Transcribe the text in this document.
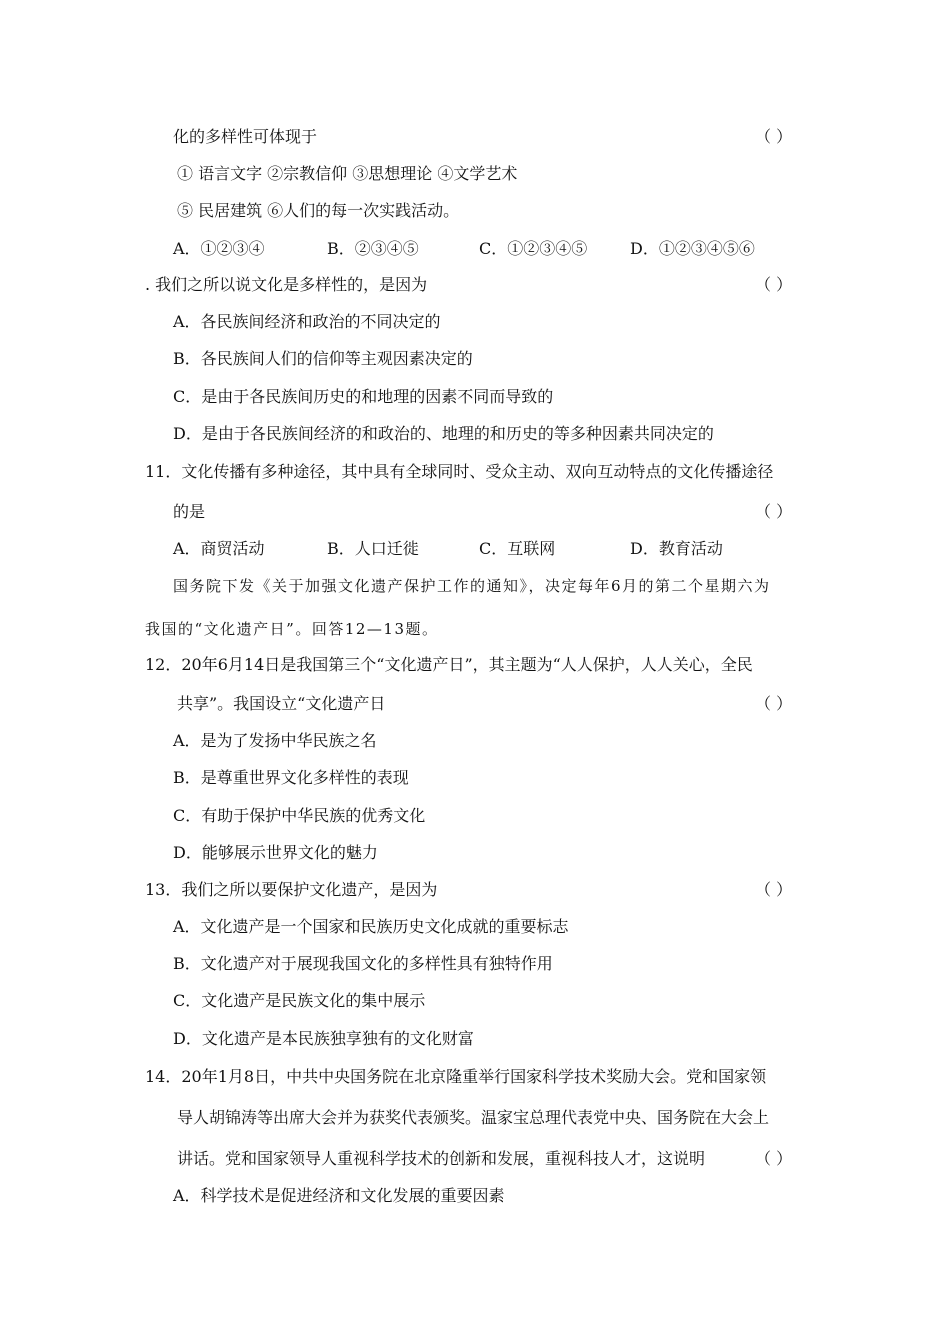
化的多样性可体现于	（ ）
① 语言文字 ②宗教信仰 ③思想理论 ④文学艺术
⑤ 民居建筑 ⑥人们的每一次实践活动。
A．①②③④	B．②③④⑤	C．①②③④⑤	D．①②③④⑤⑥
. 我们之所以说文化是多样性的，是因为	（ ）
A．各民族间经济和政治的不同决定的
B．各民族间人们的信仰等主观因素决定的
C．是由于各民族间历史的和地理的因素不同而导致的
D．是由于各民族间经济的和政治的、地理的和历史的等多种因素共同决定的
11．文化传播有多种途径，其中具有全球同时、受众主动、双向互动特点的文化传播途径
的是	（ ）
A．商贸活动	B．人口迁徙	C．互联网	D．教育活动
国务院下发《关于加强文化遗产保护工作的通知》，决定每年6月的第二个星期六为
我国的“文化遗产日”。回答12—13题。
12．20年6月14日是我国第三个“文化遗产日”，其主题为“人人保护，人人关心，全民
共享”。我国设立“文化遗产日	（ ）
A．是为了发扬中华民族之名
B．是尊重世界文化多样性的表现
C．有助于保护中华民族的优秀文化
D．能够展示世界文化的魅力
13．我们之所以要保护文化遗产，是因为	（ ）
A．文化遗产是一个国家和民族历史文化成就的重要标志
B．文化遗产对于展现我国文化的多样性具有独特作用
C．文化遗产是民族文化的集中展示
D．文化遗产是本民族独享独有的文化财富
14．20年1月8日，中共中央国务院在北京隆重举行国家科学技术奖励大会。党和国家领
导人胡锦涛等出席大会并为获奖代表颁奖。温家宝总理代表党中央、国务院在大会上
讲话。党和国家领导人重视科学技术的创新和发展，重视科技人才，这说明	（ ）
A．科学技术是促进经济和文化发展的重要因素
